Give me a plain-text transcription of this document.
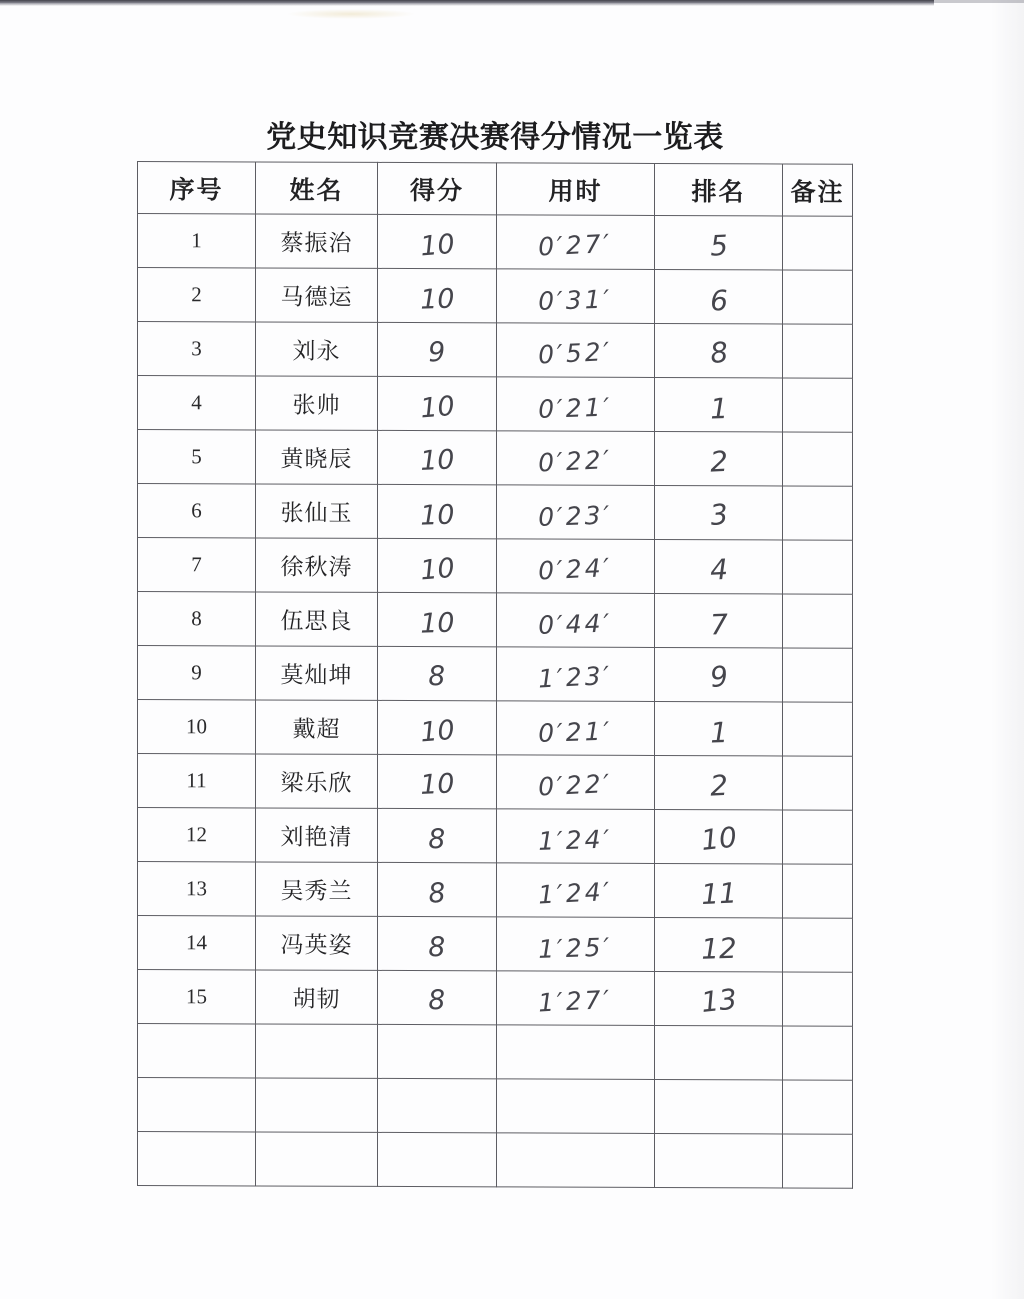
党史知识竞赛决赛得分情况一览表
序号	姓名	得分	用时	排名	备注
1	蔡振治	10	0′27′	5	
2	马德运	10	0′31′	6	
3	刘永	9	0′52′	8	
4	张帅	10	0′21′	1	
5	黄晓辰	10	0′22′	2	
6	张仙玉	10	0′23′	3	
7	徐秋涛	10	0′24′	4	
8	伍思良	10	0′44′	7	
9	莫灿坤	8	1′23′	9	
10	戴超	10	0′21′	1	
11	梁乐欣	10	0′22′	2	
12	刘艳清	8	1′24′	10	
13	吴秀兰	8	1′24′	11	
14	冯英姿	8	1′25′	12	
15	胡韧	8	1′27′	13	
